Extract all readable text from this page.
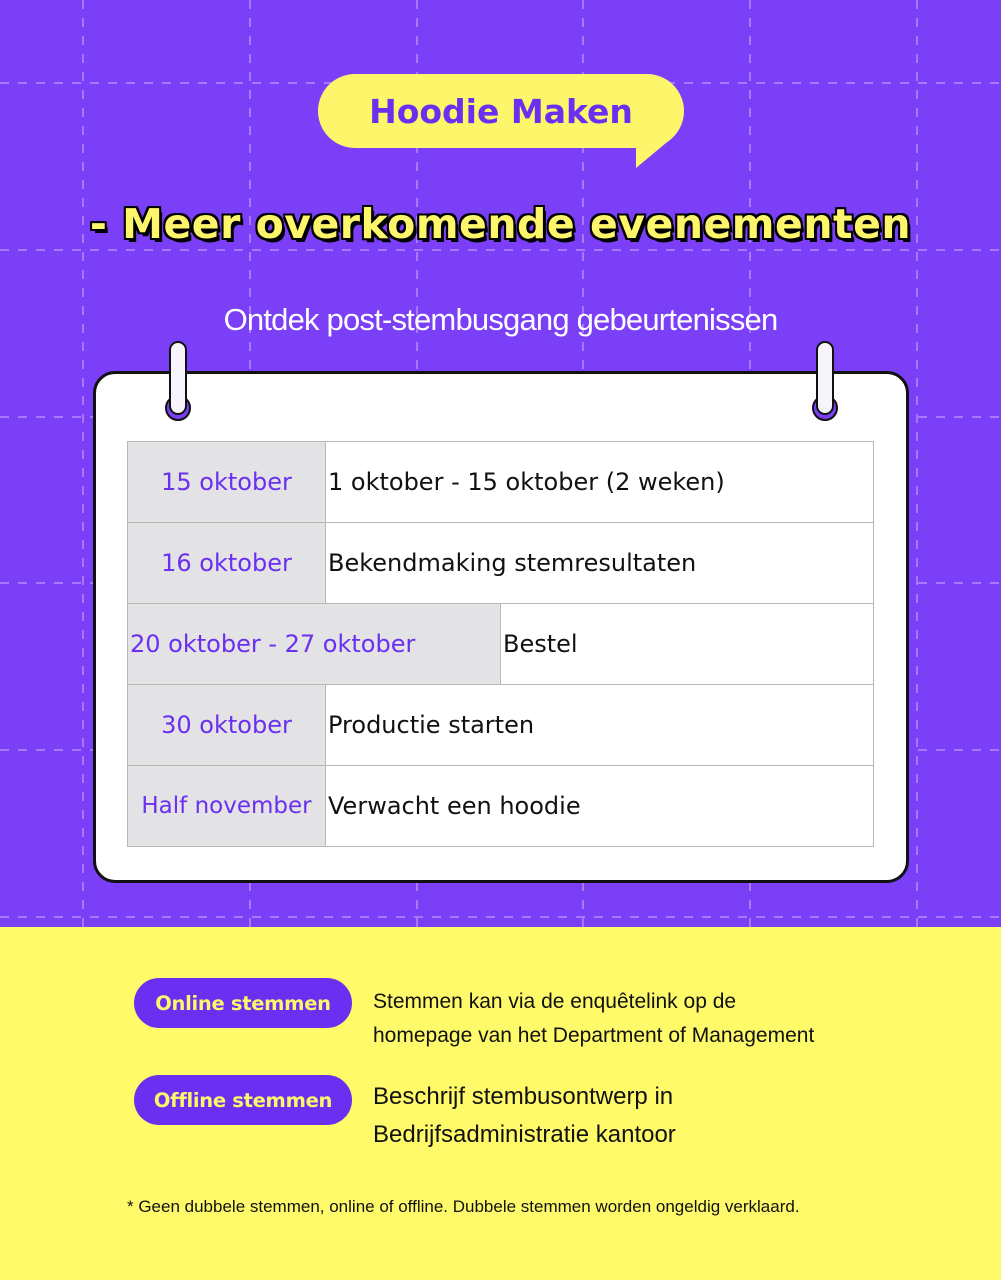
Hoodie Maken
- Meer overkomende evenementen
Ontdek post-stembusgang gebeurtenissen
15 oktober	1 oktober - 15 oktober (2 weken)	
16 oktober	Bekendmaking stemresultaten	
20 oktober - 27 oktober		Bestel
30 oktober	Productie starten	
Half november	Verwacht een hoodie	
Online stemmen	Stemmen kan via de enquêtelink op de
homepage van het Department of Management
Offline stemmen	Beschrijf stembusontwerp in
Bedrijfsadministratie kantoor
* Geen dubbele stemmen, online of offline. Dubbele stemmen worden ongeldig verklaard.
